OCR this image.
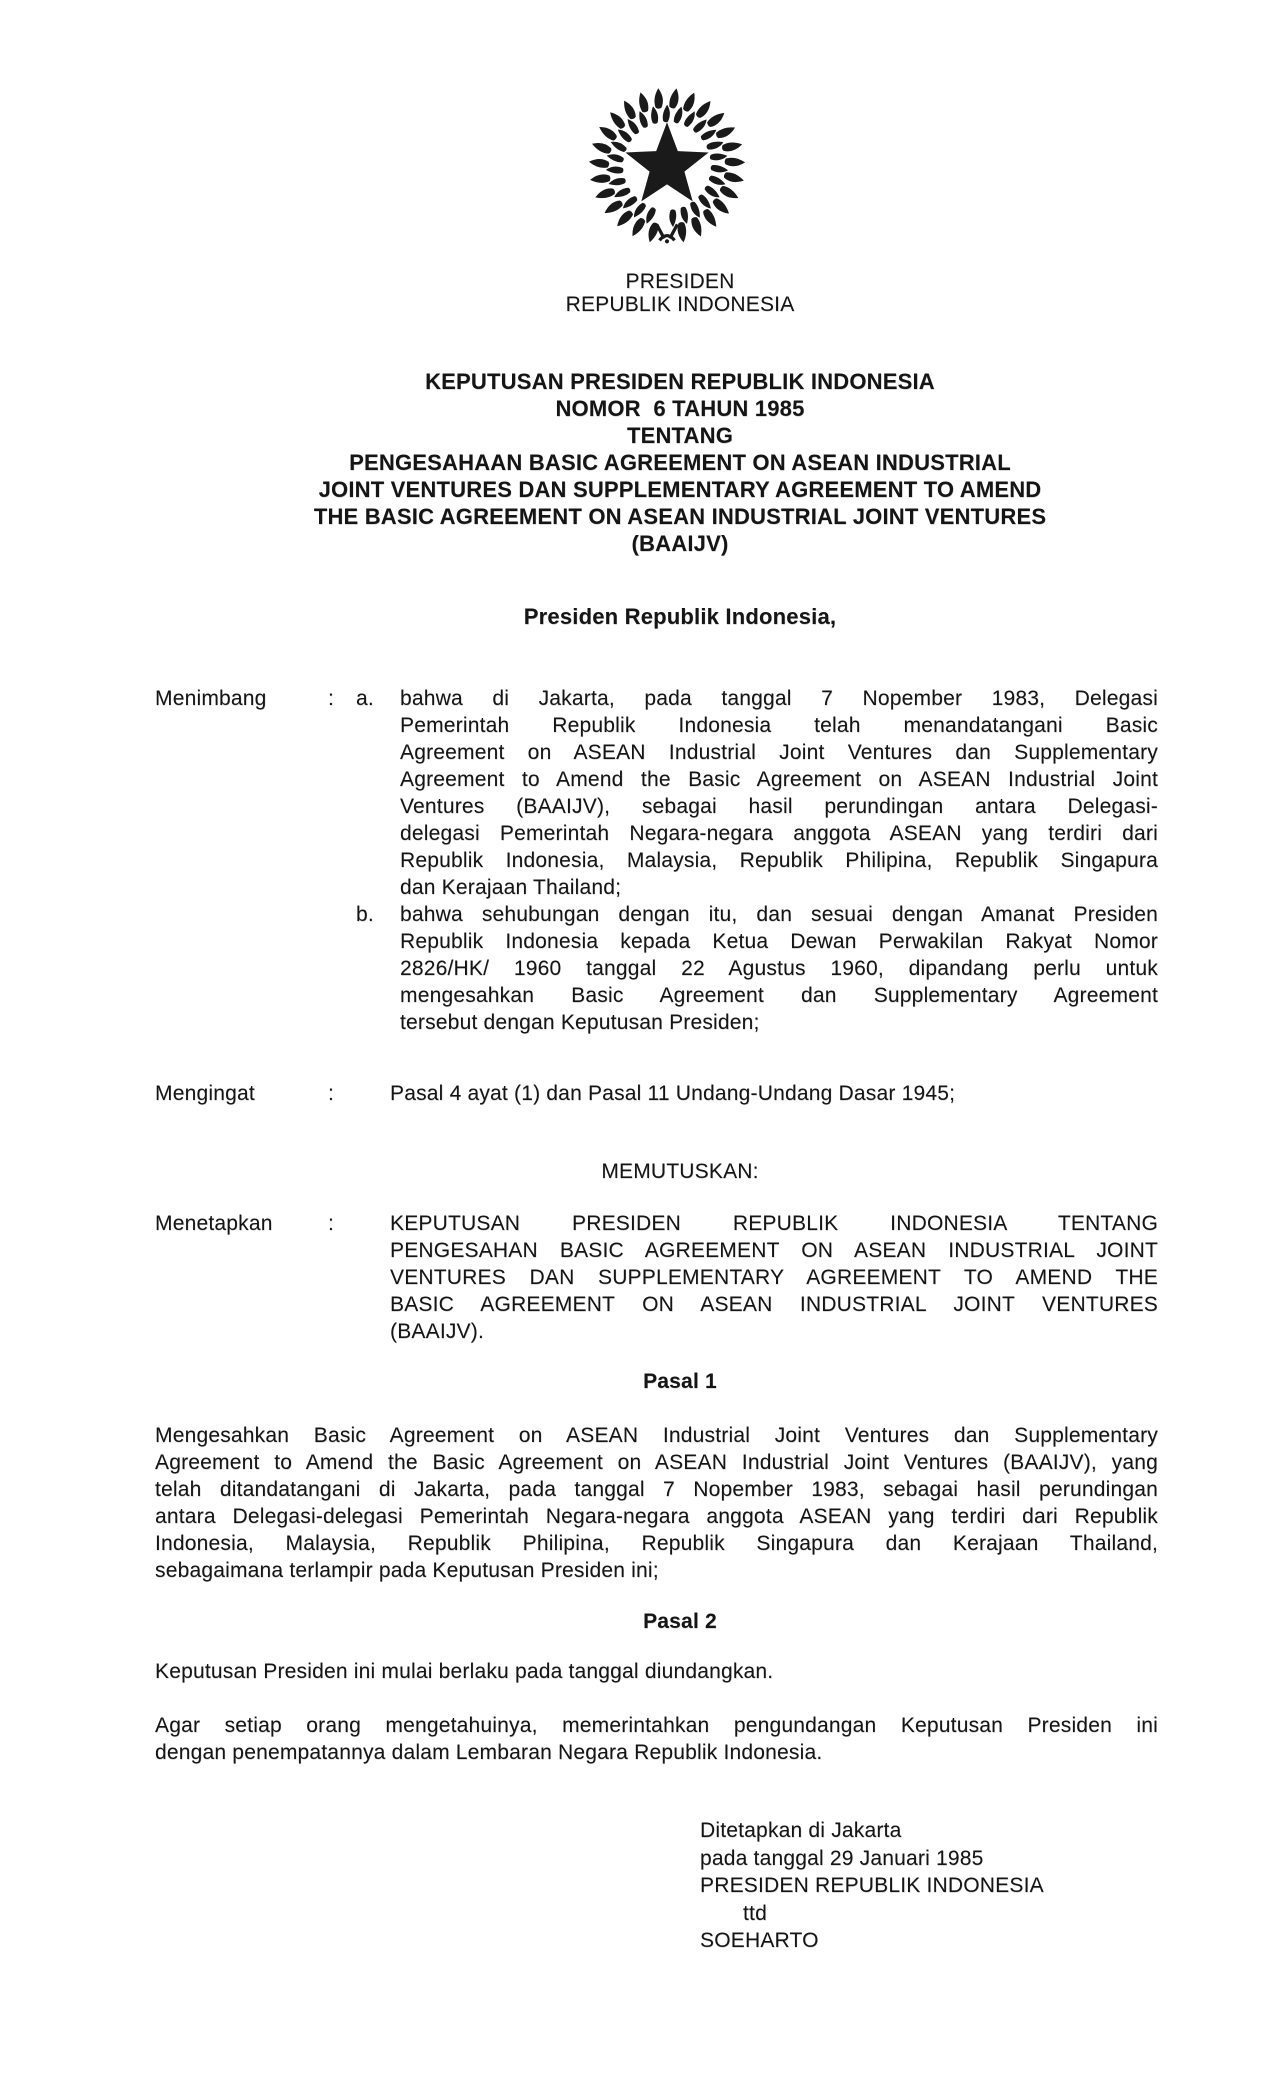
PRESIDEN
REPUBLIK INDONESIA
KEPUTUSAN PRESIDEN REPUBLIK INDONESIA
NOMOR  6 TAHUN 1985
TENTANG
PENGESAHAAN BASIC AGREEMENT ON ASEAN INDUSTRIAL
JOINT VENTURES DAN SUPPLEMENTARY AGREEMENT TO AMEND
THE BASIC AGREEMENT ON ASEAN INDUSTRIAL JOINT VENTURES
(BAAIJV)
Presiden Republik Indonesia,
Menimbang	: a. bahwa di Jakarta, pada tanggal 7 Nopember 1983, Delegasi
Pemerintah Republik Indonesia telah menandatangani Basic
Agreement on ASEAN Industrial Joint Ventures dan Supplementary
Agreement to Amend the Basic Agreement on ASEAN Industrial Joint
Ventures (BAAIJV), sebagai hasil perundingan antara Delegasi-
delegasi Pemerintah Negara-negara anggota ASEAN yang terdiri dari
Republik Indonesia, Malaysia, Republik Philipina, Republik Singapura
dan Kerajaan Thailand;
b. bahwa sehubungan dengan itu, dan sesuai dengan Amanat Presiden
Republik Indonesia kepada Ketua Dewan Perwakilan Rakyat Nomor
2826/HK/ 1960 tanggal 22 Agustus 1960, dipandang perlu untuk
mengesahkan Basic Agreement dan Supplementary Agreement
tersebut dengan Keputusan Presiden;
Mengingat	:	Pasal 4 ayat (1) dan Pasal 11 Undang-Undang Dasar 1945;
MEMUTUSKAN:
Menetapkan	:	KEPUTUSAN PRESIDEN REPUBLIK INDONESIA TENTANG
PENGESAHAN BASIC AGREEMENT ON ASEAN INDUSTRIAL JOINT
VENTURES DAN SUPPLEMENTARY AGREEMENT TO AMEND THE
BASIC AGREEMENT ON ASEAN INDUSTRIAL JOINT VENTURES
(BAAIJV).
Pasal 1
Mengesahkan Basic Agreement on ASEAN Industrial Joint Ventures dan Supplementary
Agreement to Amend the Basic Agreement on ASEAN Industrial Joint Ventures (BAAIJV), yang
telah ditandatangani di Jakarta, pada tanggal 7 Nopember 1983, sebagai hasil perundingan
antara Delegasi-delegasi Pemerintah Negara-negara anggota ASEAN yang terdiri dari Republik
Indonesia, Malaysia, Republik Philipina, Republik Singapura dan Kerajaan Thailand,
sebagaimana terlampir pada Keputusan Presiden ini;
Pasal 2
Keputusan Presiden ini mulai berlaku pada tanggal diundangkan.
Agar setiap orang mengetahuinya, memerintahkan pengundangan Keputusan Presiden ini
dengan penempatannya dalam Lembaran Negara Republik Indonesia.
Ditetapkan di Jakarta
pada tanggal 29 Januari 1985
PRESIDEN REPUBLIK INDONESIA
ttd
SOEHARTO
